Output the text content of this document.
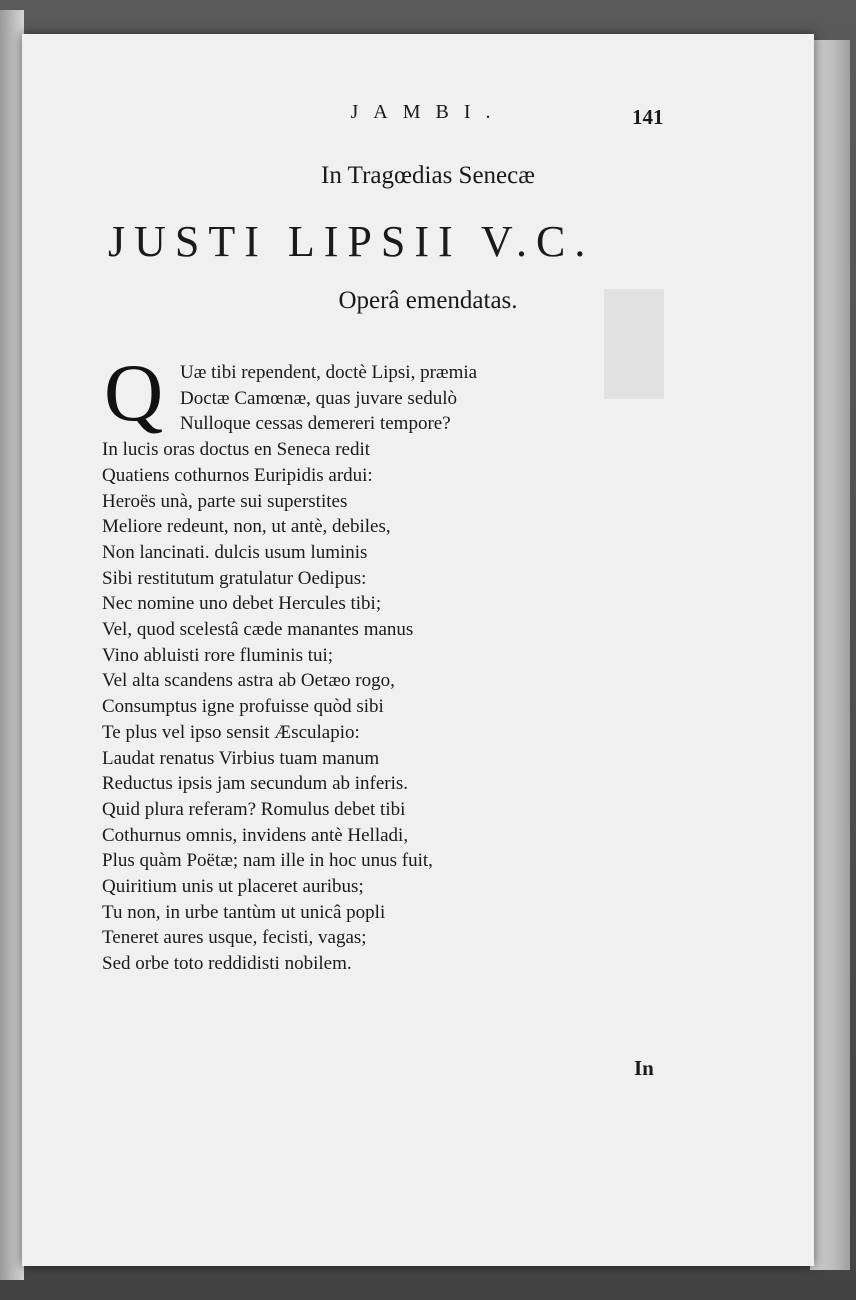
JAMBI.	141
In Tragœdias Senecæ
JUSTI LIPSII V.C.
Operâ emendatas.
Q Uæ tibi rependent, doctè Lipsi, præmia
Doctæ Camœnæ, quas juvare sedulò
Nulloque cessas demereri tempore?
In lucis oras doctus en Seneca redit
Quatiens cothurnos Euripidis ardui:
Heroës unà, parte sui superstites
Meliore redeunt, non, ut antè, debiles,
Non lancinati. dulcis usum luminis
Sibi restitutum gratulatur Oedipus:
Nec nomine uno debet Hercules tibi;
Vel, quod scelestâ cæde manantes manus
Vino abluisti rore fluminis tui;
Vel alta scandens astra ab Oetæo rogo,
Consumptus igne profuisse quòd sibi
Te plus vel ipso sensit Æsculapio:
Laudat renatus Virbius tuam manum
Reductus ipsis jam secundum ab inferis.
Quid plura referam? Romulus debet tibi
Cothurnus omnis, invidens antè Helladi,
Plus quàm Poëtæ; nam ille in hoc unus fuit,
Quiritium unis ut placeret auribus;
Tu non, in urbe tantùm ut unicâ popli
Teneret aures usque, fecisti, vagas;
Sed orbe toto reddidisti nobilem.
In
